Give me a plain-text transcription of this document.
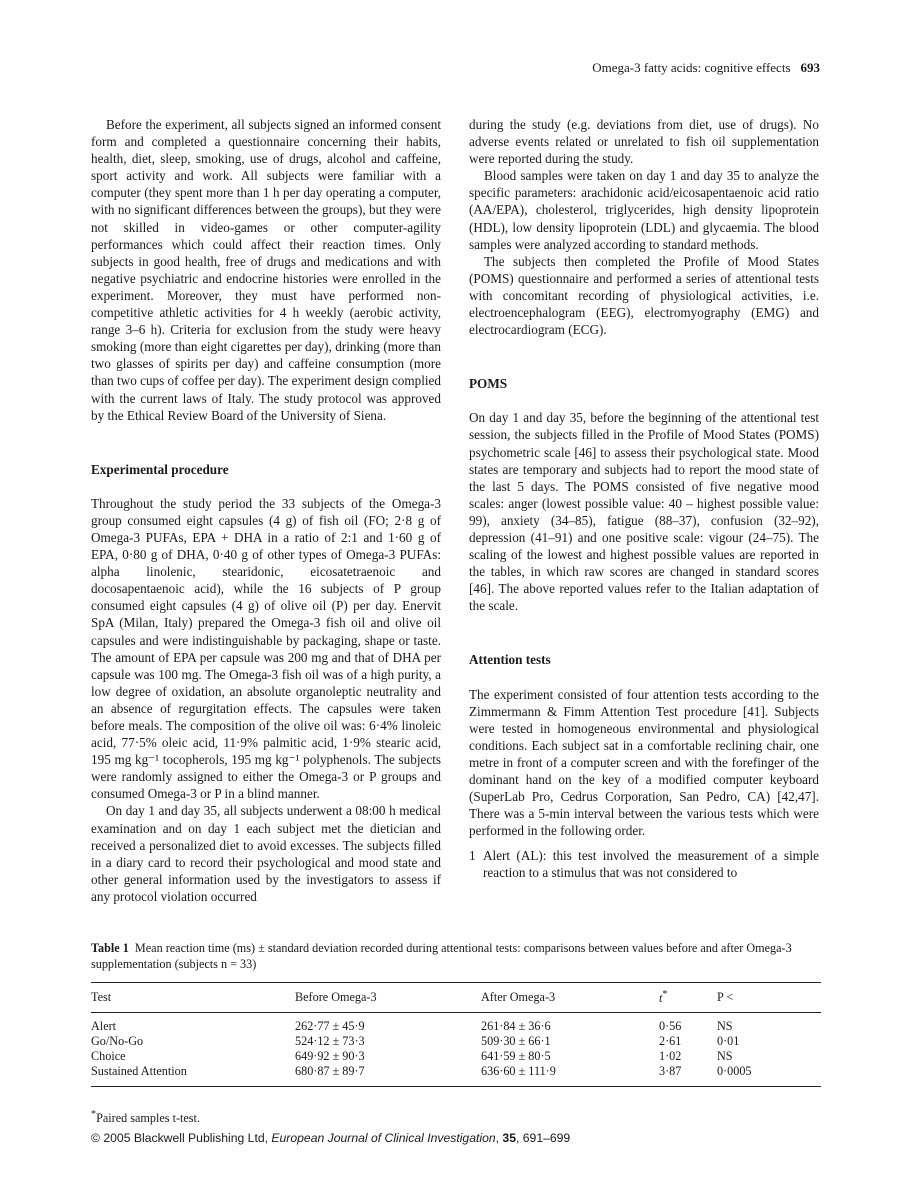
Omega-3 fatty acids: cognitive effects 693

Before the experiment, all subjects signed an informed consent form and completed a questionnaire concerning their habits, health, diet, sleep, smoking, use of drugs, alcohol and caffeine, sport activity and work. All subjects were familiar with a computer (they spent more than 1 h per day operating a computer, with no significant differences between the groups), but they were not skilled in video-games or other computer-agility performances which could affect their reaction times. Only subjects in good health, free of drugs and medications and with negative psychiatric and endocrine histories were enrolled in the experiment. Moreover, they must have performed non-competitive athletic activities for 4 h weekly (aerobic activity, range 3–6 h). Criteria for exclusion from the study were heavy smoking (more than eight cigarettes per day), drinking (more than two glasses of spirits per day) and caffeine consumption (more than two cups of coffee per day). The experiment design complied with the current laws of Italy. The study protocol was approved by the Ethical Review Board of the University of Siena.

Experimental procedure

Throughout the study period the 33 subjects of the Omega-3 group consumed eight capsules (4 g) of fish oil (FO; 2·8 g of Omega-3 PUFAs, EPA + DHA in a ratio of 2:1 and 1·60 g of EPA, 0·80 g of DHA, 0·40 g of other types of Omega-3 PUFAs: alpha linolenic, stearidonic, eicosatetraenoic and docosapentaenoic acid), while the 16 subjects of P group consumed eight capsules (4 g) of olive oil (P) per day. Enervit SpA (Milan, Italy) prepared the Omega-3 fish oil and olive oil capsules and were indistinguishable by packaging, shape or taste. The amount of EPA per capsule was 200 mg and that of DHA per capsule was 100 mg. The Omega-3 fish oil was of a high purity, a low degree of oxidation, an absolute organoleptic neutrality and an absence of regurgitation effects. The capsules were taken before meals. The composition of the olive oil was: 6·4% linoleic acid, 77·5% oleic acid, 11·9% palmitic acid, 1·9% stearic acid, 195 mg kg⁻¹ tocopherols, 195 mg kg⁻¹ polyphenols. The subjects were randomly assigned to either the Omega-3 or P groups and consumed Omega-3 or P in a blind manner.

On day 1 and day 35, all subjects underwent a 08:00 h medical examination and on day 1 each subject met the dietician and received a personalized diet to avoid excesses. The subjects filled in a diary card to record their psychological and mood state and other general information used by the investigators to assess if any protocol violation occurred

during the study (e.g. deviations from diet, use of drugs). No adverse events related or unrelated to fish oil supplementation were reported during the study.

Blood samples were taken on day 1 and day 35 to analyze the specific parameters: arachidonic acid/eicosapentaenoic acid ratio (AA/EPA), cholesterol, triglycerides, high density lipoprotein (HDL), low density lipoprotein (LDL) and glycaemia. The blood samples were analyzed according to standard methods.

The subjects then completed the Profile of Mood States (POMS) questionnaire and performed a series of attentional tests with concomitant recording of physiological activities, i.e. electroencephalogram (EEG), electromyography (EMG) and electrocardiogram (ECG).

POMS

On day 1 and day 35, before the beginning of the attentional test session, the subjects filled in the Profile of Mood States (POMS) psychometric scale [46] to assess their psychological state. Mood states are temporary and subjects had to report the mood state of the last 5 days. The POMS consisted of five negative mood scales: anger (lowest possible value: 40 – highest possible value: 99), anxiety (34–85), fatigue (88–37), confusion (32–92), depression (41–91) and one positive scale: vigour (24–75). The scaling of the lowest and highest possible values are reported in the tables, in which raw scores are changed in standard scores [46]. The above reported values refer to the Italian adaptation of the scale.

Attention tests

The experiment consisted of four attention tests according to the Zimmermann & Fimm Attention Test procedure [41]. Subjects were tested in homogeneous environmental and physiological conditions. Each subject sat in a comfortable reclining chair, one metre in front of a computer screen and with the forefinger of the dominant hand on the key of a modified computer keyboard (SuperLab Pro, Cedrus Corporation, San Pedro, CA) [42,47]. There was a 5-min interval between the various tests which were performed in the following order.

1 Alert (AL): this test involved the measurement of a simple reaction to a stimulus that was not considered to

Table 1 Mean reaction time (ms) ± standard deviation recorded during attentional tests: comparisons between values before and after Omega-3 supplementation (subjects n = 33)

Test	Before Omega-3	After Omega-3	t*	P <
Alert	262·77 ± 45·9	261·84 ± 36·6	0·56	NS
Go/No-Go	524·12 ± 73·3	509·30 ± 66·1	2·61	0·01
Choice	649·92 ± 90·3	641·59 ± 80·5	1·02	NS
Sustained Attention	680·87 ± 89·7	636·60 ± 111·9	3·87	0·0005
*Paired samples t-test.
© 2005 Blackwell Publishing Ltd, European Journal of Clinical Investigation, 35, 691–699
